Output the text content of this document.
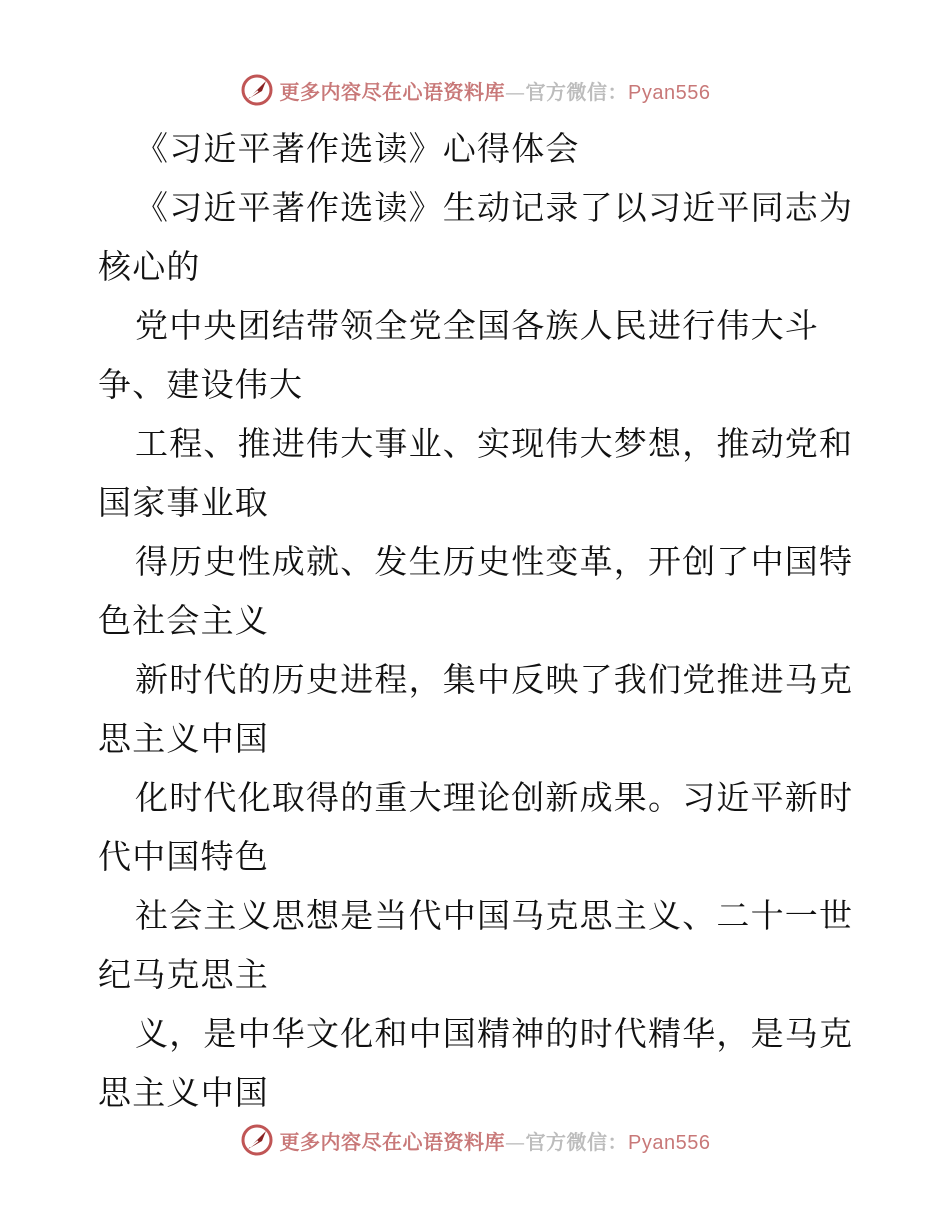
更多内容尽在心语资料库—官方微信：Pyan556
《习近平著作选读》心得体会
《习近平著作选读》生动记录了以习近平同志为
核心的
党中央团结带领全党全国各族人民进行伟大斗
争、建设伟大
工程、推进伟大事业、实现伟大梦想，推动党和
国家事业取
得历史性成就、发生历史性变革，开创了中国特
色社会主义
新时代的历史进程，集中反映了我们党推进马克
思主义中国
化时代化取得的重大理论创新成果。习近平新时
代中国特色
社会主义思想是当代中国马克思主义、二十一世
纪马克思主
义，是中华文化和中国精神的时代精华，是马克
思主义中国
更多内容尽在心语资料库—官方微信：Pyan556
